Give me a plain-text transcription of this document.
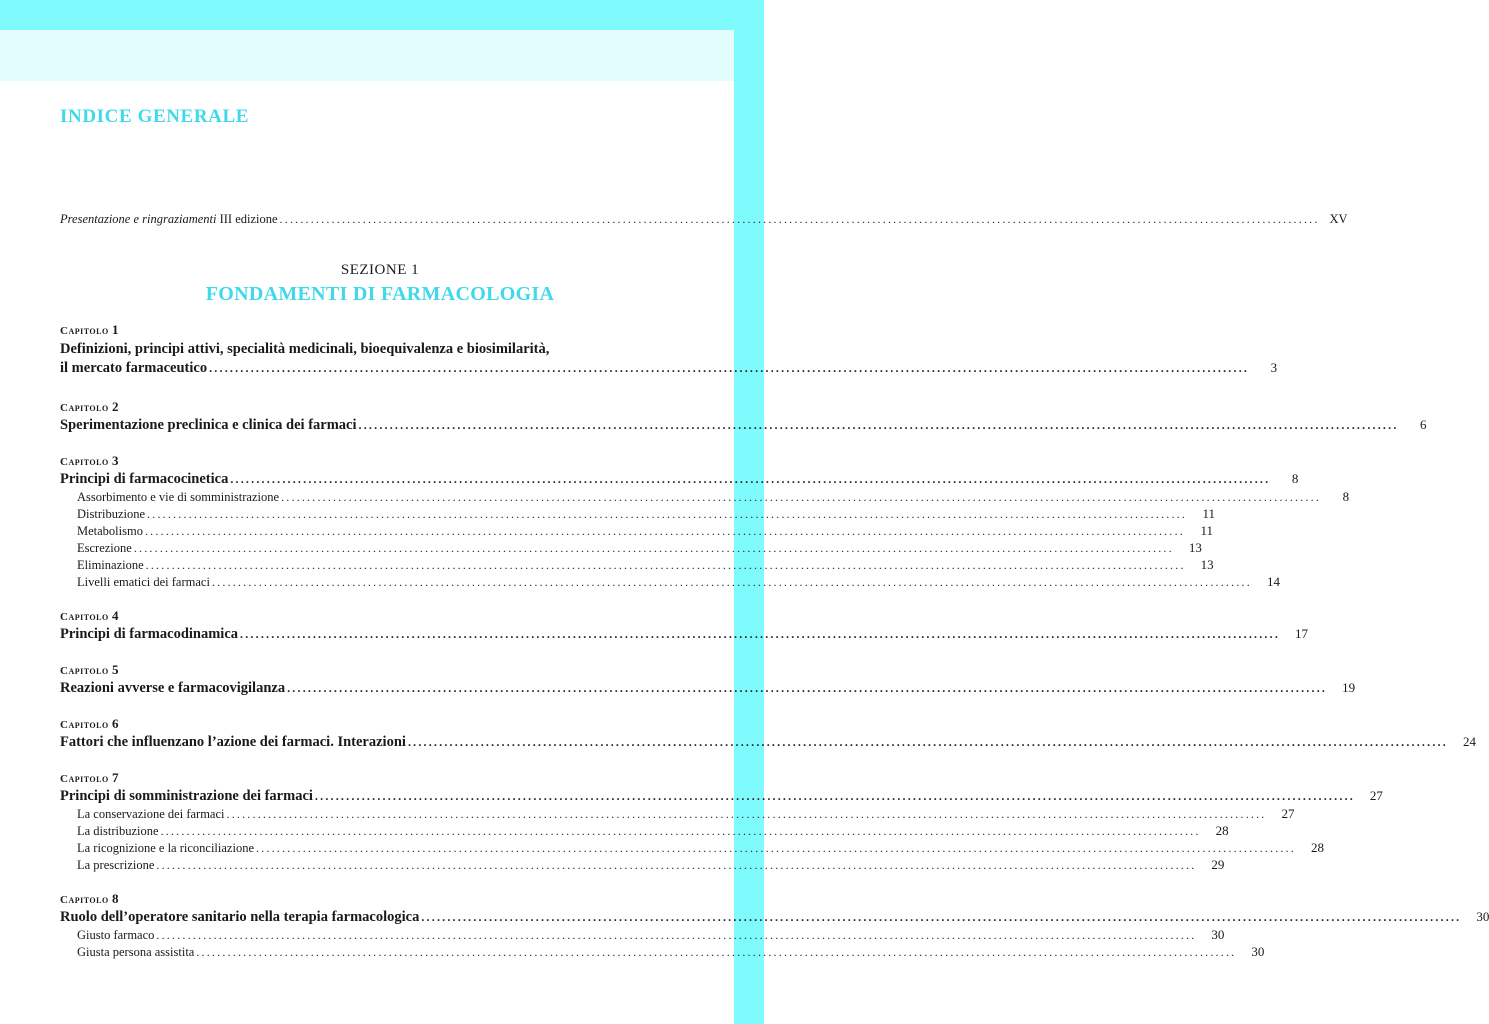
INDICE GENERALE
Presentazione e ringraziamenti III edizione ........................................................................................................................................................................................................ XV
SEZIONE 1
FONDAMENTI DI FARMACOLOGIA
Capitolo 1
Definizioni, principi attivi, specialità medicinali, bioequivalenza e biosimilarità,
il mercato farmaceutico ........................................................................................................................................................................................................	3
Capitolo 2
Sperimentazione preclinica e clinica dei farmaci ........................................................................................................................................................................................................	6
Capitolo 3
Principi di farmacocinetica ........................................................................................................................................................................................................	8
Assorbimento e vie di somministrazione ........................................................................................................................................................................................................	8
Distribuzione ........................................................................................................................................................................................................	11
Metabolismo ........................................................................................................................................................................................................	11
Escrezione ........................................................................................................................................................................................................	13
Eliminazione ........................................................................................................................................................................................................	13
Livelli ematici dei farmaci ........................................................................................................................................................................................................	14
Capitolo 4
Principi di farmacodinamica ........................................................................................................................................................................................................	17
Capitolo 5
Reazioni avverse e farmacovigilanza ........................................................................................................................................................................................................	19
Capitolo 6
Fattori che influenzano l’azione dei farmaci. Interazioni ........................................................................................................................................................................................................	24
Capitolo 7
Principi di somministrazione dei farmaci ........................................................................................................................................................................................................	27
La conservazione dei farmaci ........................................................................................................................................................................................................	27
La distribuzione ........................................................................................................................................................................................................	28
La ricognizione e la riconciliazione ........................................................................................................................................................................................................	28
La prescrizione ........................................................................................................................................................................................................	29
Capitolo 8
Ruolo dell’operatore sanitario nella terapia farmacologica ........................................................................................................................................................................................................	30
Giusto farmaco ........................................................................................................................................................................................................	30
Giusta persona assistita ........................................................................................................................................................................................................	30
